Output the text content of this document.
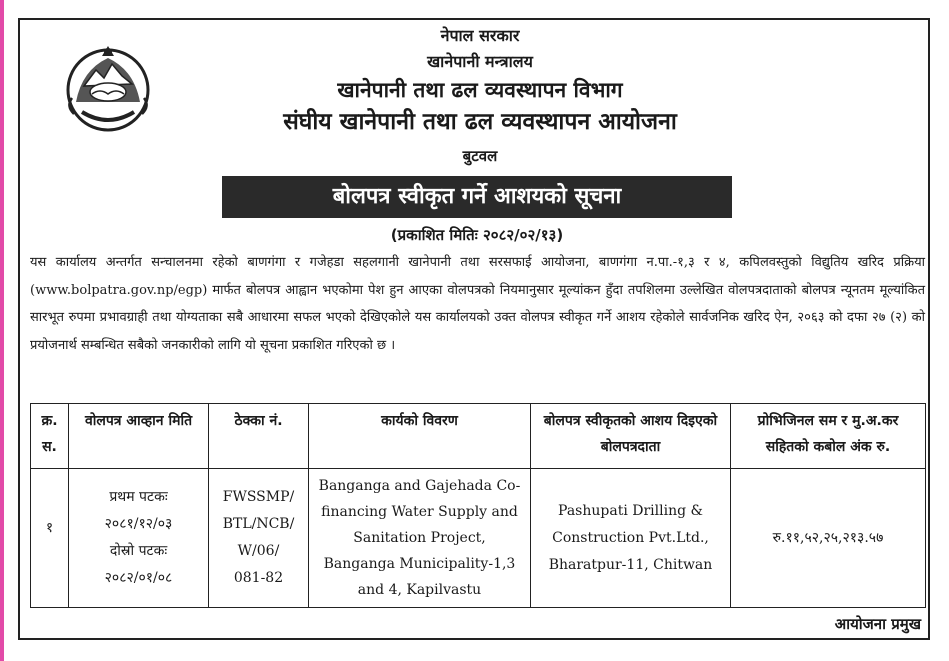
नेपाल सरकार
खानेपानी मन्त्रालय
खानेपानी तथा ढल व्यवस्थापन विभाग
संघीय खानेपानी तथा ढल व्यवस्थापन आयोजना
बुटवल
बोलपत्र स्वीकृत गर्ने आशयको सूचना
(प्रकाशित मितिः २०८२/०२/१३)
यस कार्यालय अन्तर्गत सन्चालनमा रहेको बाणगंगा र गजेहडा सहलगानी खानेपानी तथा सरसफाई आयोजना, बाणगंगा न.पा.-१,३ र ४, कपिलवस्तुको विद्युतिय खरिद प्रक्रिया (www.bolpatra.gov.np/egp) मार्फत बोलपत्र आह्वान भएकोमा पेश हुन आएका वोलपत्रको नियमानुसार मूल्यांकन हुँदा तपशिलमा उल्लेखित वोलपत्रदाताको बोलपत्र न्यूनतम मूल्यांकित सारभूत रुपमा प्रभावग्राही तथा योग्यताका सबै आधारमा सफल भएको देखिएकोले यस कार्यालयको उक्त वोलपत्र स्वीकृत गर्ने आशय रहेकोले सार्वजनिक खरिद ऐन, २०६३ को दफा २७ (२) को प्रयोजनार्थ सम्बन्धित सबैको जनकारीको लागि यो सूचना प्रकाशित गरिएको छ ।
क्र. स.	वोलपत्र आव्हान मिति	ठेक्का नं.	कार्यको विवरण	बोलपत्र स्वीकृतको आशय दिइएको बोलपत्रदाता	प्रोभिजिनल सम र मु.अ.कर सहितको कबोल अंक रु.
१	प्रथम पटकः
२०८१/१२/०३
दोस्रो पटकः
२०८२/०१/०८	FWSSMP/
BTL/NCB/
W/06/
081-82	Banganga and Gajehada Co-financing Water Supply and Sanitation Project, Banganga Municipality-1,3 and 4, Kapilvastu	Pashupati Drilling &
Construction Pvt.Ltd.,
Bharatpur-11, Chitwan	रु.११,५२,२५,२१३.५७
आयोजना प्रमुख
